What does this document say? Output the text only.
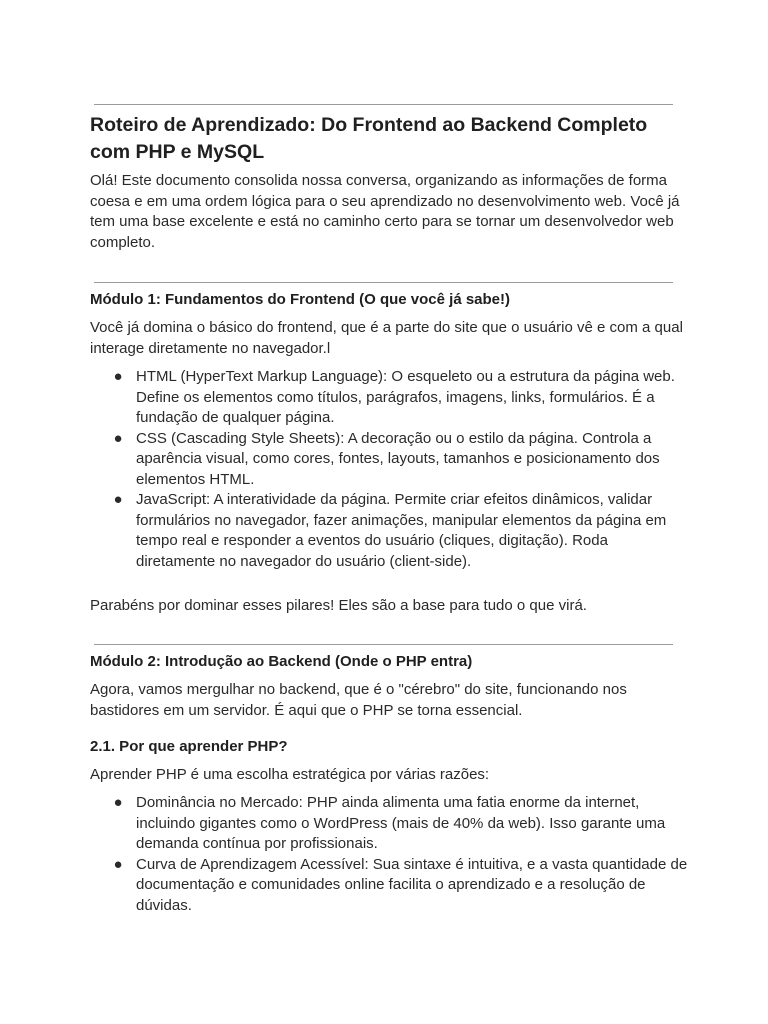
Roteiro de Aprendizado: Do Frontend ao Backend Completo com PHP e MySQL

Olá! Este documento consolida nossa conversa, organizando as informações de forma coesa e em uma ordem lógica para o seu aprendizado no desenvolvimento web. Você já tem uma base excelente e está no caminho certo para se tornar um desenvolvedor web completo.

Módulo 1: Fundamentos do Frontend (O que você já sabe!)

Você já domina o básico do frontend, que é a parte do site que o usuário vê e com a qual interage diretamente no navegador.l

● HTML (HyperText Markup Language): O esqueleto ou a estrutura da página web. Define os elementos como títulos, parágrafos, imagens, links, formulários. É a fundação de qualquer página.
● CSS (Cascading Style Sheets): A decoração ou o estilo da página. Controla a aparência visual, como cores, fontes, layouts, tamanhos e posicionamento dos elementos HTML.
● JavaScript: A interatividade da página. Permite criar efeitos dinâmicos, validar formulários no navegador, fazer animações, manipular elementos da página em tempo real e responder a eventos do usuário (cliques, digitação). Roda diretamente no navegador do usuário (client-side).

Parabéns por dominar esses pilares! Eles são a base para tudo o que virá.

Módulo 2: Introdução ao Backend (Onde o PHP entra)

Agora, vamos mergulhar no backend, que é o "cérebro" do site, funcionando nos bastidores em um servidor. É aqui que o PHP se torna essencial.

2.1. Por que aprender PHP?

Aprender PHP é uma escolha estratégica por várias razões:

● Dominância no Mercado: PHP ainda alimenta uma fatia enorme da internet, incluindo gigantes como o WordPress (mais de 40% da web). Isso garante uma demanda contínua por profissionais.
● Curva de Aprendizagem Acessível: Sua sintaxe é intuitiva, e a vasta quantidade de documentação e comunidades online facilita o aprendizado e a resolução de dúvidas.
